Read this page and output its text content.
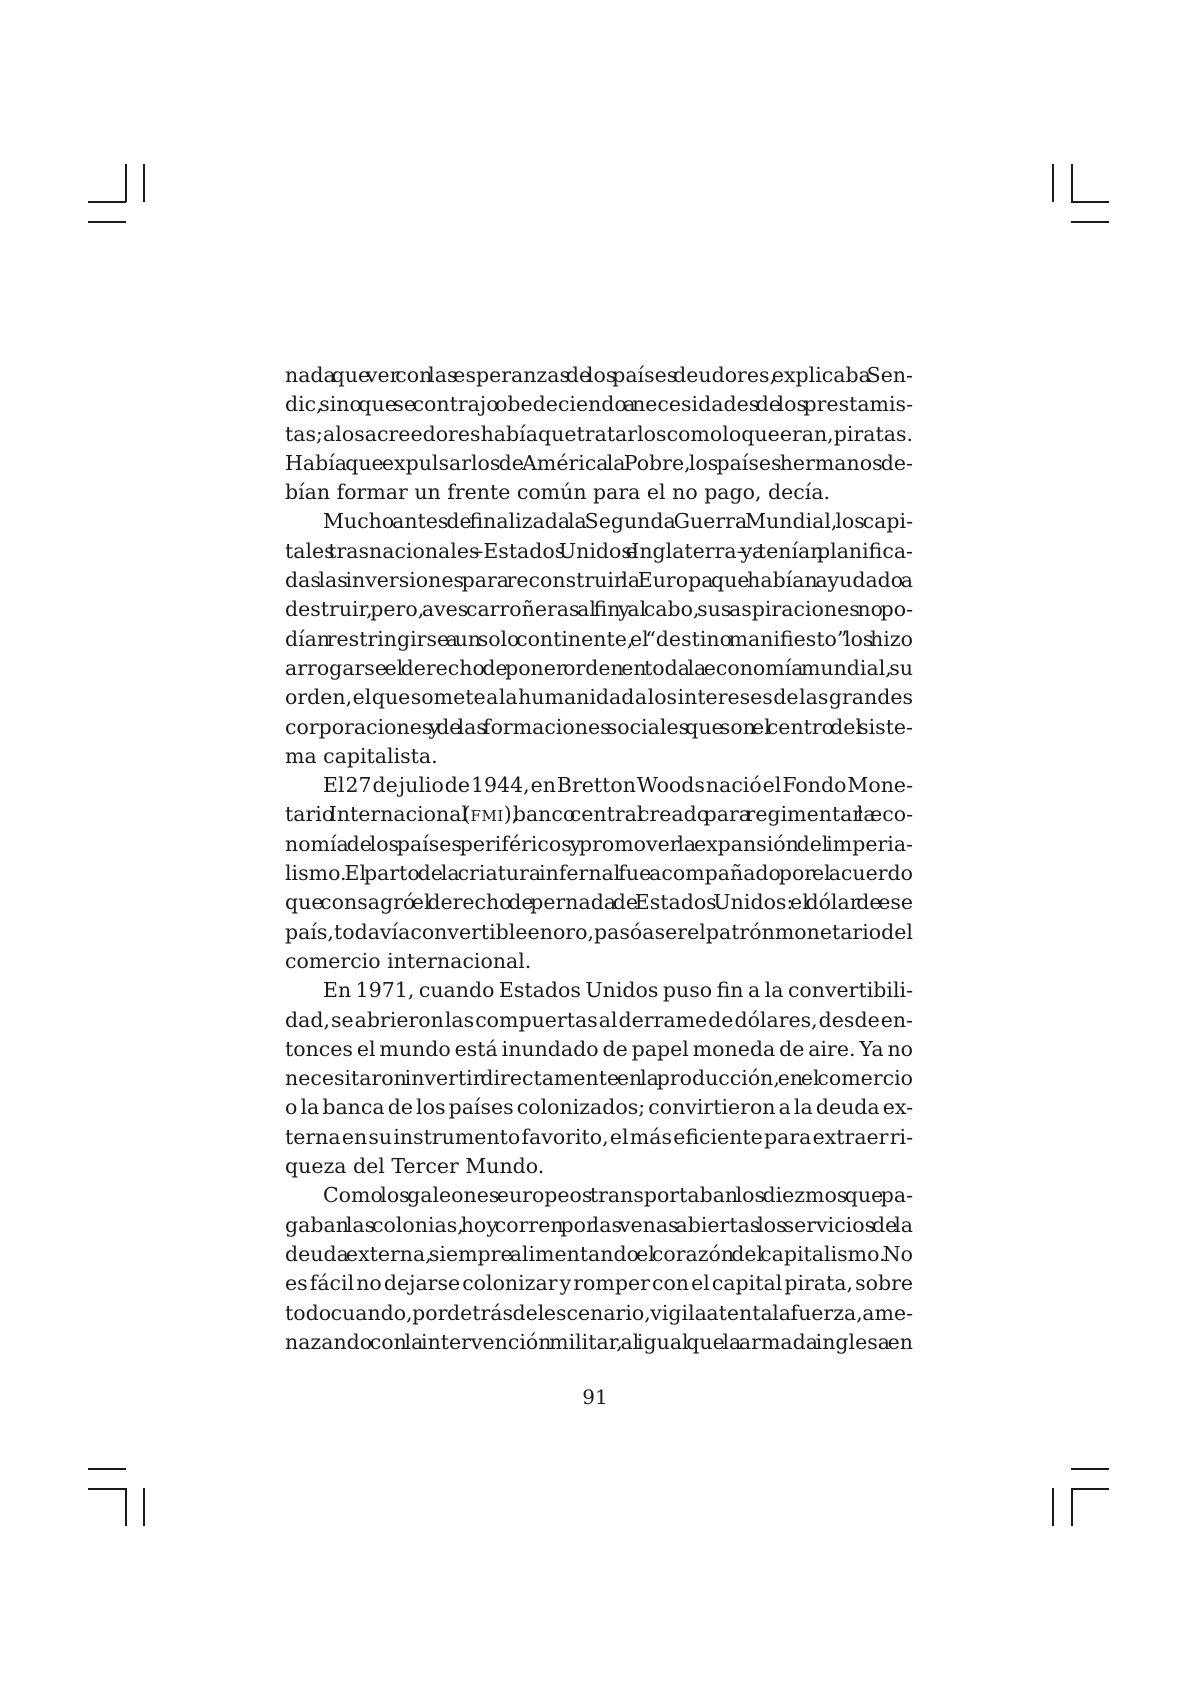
nada que ver con las esperanzas de los países deudores, explicaba Sen-
dic, sino que se contrajo obedeciendo a necesidades de los prestamis-
tas; a los acreedores había que tratarlos como lo que eran, piratas.
Había que expulsarlos de América la Pobre, los países hermanos de-
bían formar un frente común para el no pago, decía.
Mucho antes de finalizada la Segunda Guerra Mundial, los capi-
tales trasnacionales –Estados Unidos e Inglaterra– ya tenían planifica-
das las inversiones para reconstruir la Europa que habían ayudado a
destruir, pero, aves carroñeras al fin y al cabo, sus aspiraciones no po-
dían restringirse a un solo continente, el “destino manifiesto” los hizo
arrogarse el derecho de poner orden en toda la economía mundial, su
orden, el que somete a la humanidad a los intereses de las grandes
corporaciones y de las formaciones sociales que son el centro del siste-
ma capitalista.
El 27 de julio de 1944, en Bretton Woods nació el Fondo Mone-
tario Internacional (FMI), banco central creado para regimentar la eco-
nomía de los países periféricos y promover la expansión del imperia-
lismo. El parto de la criatura infernal fue acompañado por el acuerdo
que consagró el derecho de pernada de Estados Unidos: el dólar de ese
país, todavía convertible en oro, pasó a ser el patrón monetario del
comercio internacional.
En 1971, cuando Estados Unidos puso fin a la convertibili-
dad, se abrieron las compuertas al derrame de dólares, desde en-
tonces el mundo está inundado de papel moneda de aire. Ya no
necesitaron invertir directamente en la producción, en el comercio
o la banca de los países colonizados; convirtieron a la deuda ex-
terna en su instrumento favorito, el más eficiente para extraer ri-
queza del Tercer Mundo.
Como los galeones europeos transportaban los diezmos que pa-
gaban las colonias, hoy corren por las venas abiertas los servicios de la
deuda externa, siempre alimentando el corazón del capitalismo. No
es fácil no dejarse colonizar y romper con el capital pirata, sobre
todo cuando, por detrás del escenario, vigila atenta la fuerza, ame-
nazando con la intervención militar, al igual que la armada inglesa en
91
